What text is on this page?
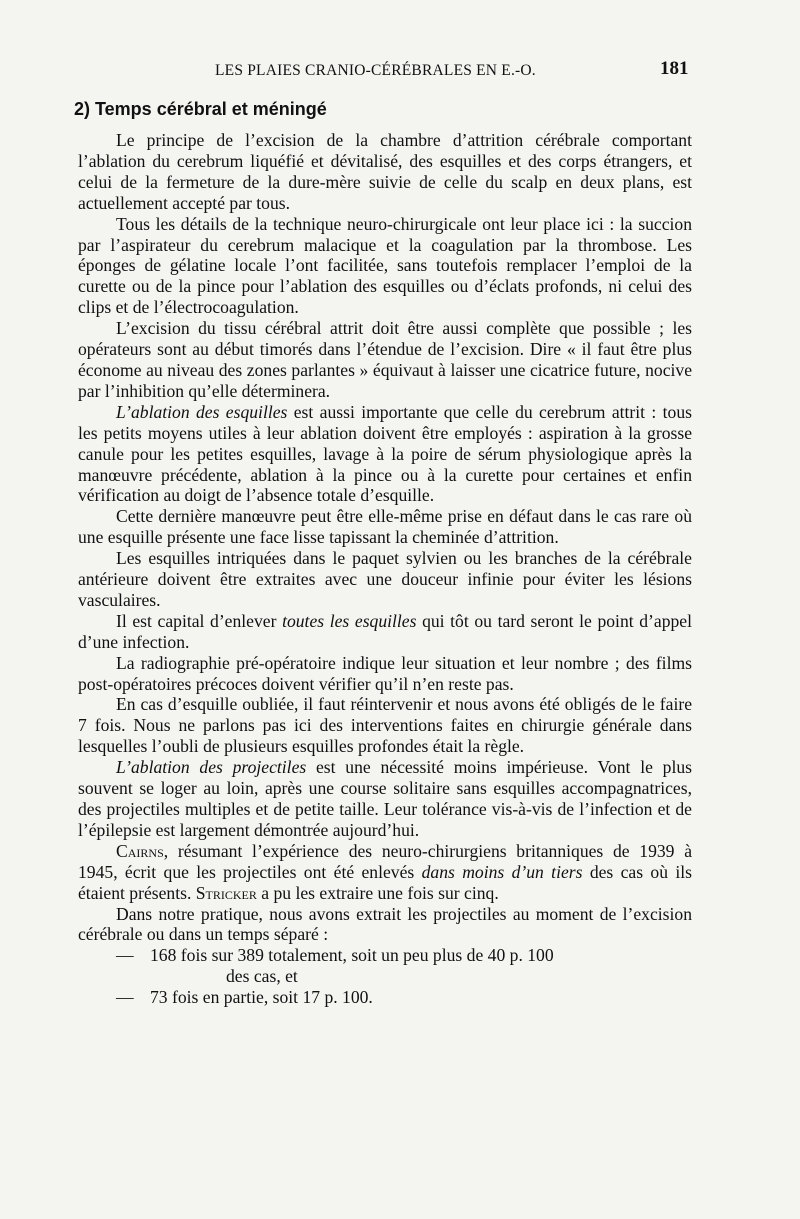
LES PLAIES CRANIO-CÉRÉBRALES EN E.-O.	181
2) Temps cérébral et méningé

Le principe de l’excision de la chambre d’attrition cérébrale comportant l’ablation du cerebrum liquéfié et dévitalisé, des esquilles et des corps étrangers, et celui de la fermeture de la dure-mère suivie de celle du scalp en deux plans, est actuellement accepté par tous.

Tous les détails de la technique neuro-chirurgicale ont leur place ici : la succion par l’aspirateur du cerebrum malacique et la coagulation par la thrombose. Les éponges de gélatine locale l’ont facilitée, sans toutefois remplacer l’emploi de la curette ou de la pince pour l’ablation des esquilles ou d’éclats profonds, ni celui des clips et de l’électrocoagulation.

L’excision du tissu cérébral attrit doit être aussi complète que possible ; les opérateurs sont au début timorés dans l’étendue de l’excision. Dire « il faut être plus économe au niveau des zones parlantes » équivaut à laisser une cicatrice future, nocive par l’inhibition qu’elle déterminera.

L’ablation des esquilles est aussi importante que celle du cerebrum attrit : tous les petits moyens utiles à leur ablation doivent être employés : aspiration à la grosse canule pour les petites esquilles, lavage à la poire de sérum physiologique après la manœuvre précédente, ablation à la pince ou à la curette pour certaines et enfin vérification au doigt de l’absence totale d’esquille.

Cette dernière manœuvre peut être elle-même prise en défaut dans le cas rare où une esquille présente une face lisse tapissant la cheminée d’attrition.

Les esquilles intriquées dans le paquet sylvien ou les branches de la cérébrale antérieure doivent être extraites avec une douceur infinie pour éviter les lésions vasculaires.

Il est capital d’enlever toutes les esquilles qui tôt ou tard seront le point d’appel d’une infection.

La radiographie pré-opératoire indique leur situation et leur nombre ; des films post-opératoires précoces doivent vérifier qu’il n’en reste pas.

En cas d’esquille oubliée, il faut réintervenir et nous avons été obligés de le faire 7 fois. Nous ne parlons pas ici des interventions faites en chirurgie générale dans lesquelles l’oubli de plusieurs esquilles profondes était la règle.

L’ablation des projectiles est une nécessité moins impérieuse. Vont le plus souvent se loger au loin, après une course solitaire sans esquilles accompagnatrices, des projectiles multiples et de petite taille. Leur tolérance vis-à-vis de l’infection et de l’épilepsie est largement démontrée aujourd’hui.

Cairns, résumant l’expérience des neuro-chirurgiens britanniques de 1939 à 1945, écrit que les projectiles ont été enlevés dans moins d’un tiers des cas où ils étaient présents. Stricker a pu les extraire une fois sur cinq.

Dans notre pratique, nous avons extrait les projectiles au moment de l’excision cérébrale ou dans un temps séparé :

— 168 fois sur 389 totalement, soit un peu plus de 40 p. 100
des cas, et
— 73 fois en partie, soit 17 p. 100.
